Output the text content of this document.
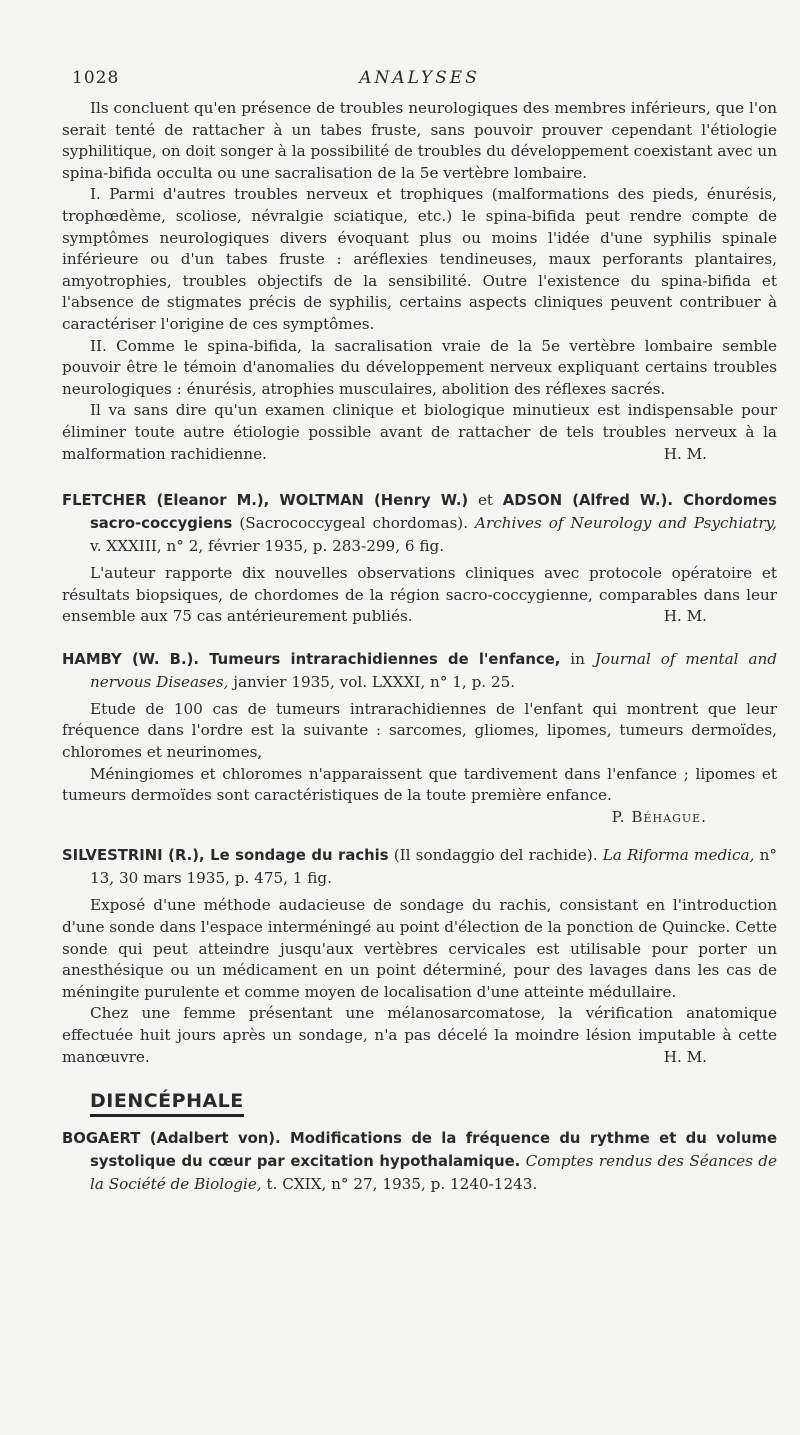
1028	ANALYSES

Ils concluent qu'en présence de troubles neurologiques des membres inférieurs, que l'on serait tenté de rattacher à un tabes fruste, sans pouvoir prouver cependant l'étiologie syphilitique, on doit songer à la possibilité de troubles du développement coexistant avec un spina-bifida occulta ou une sacralisation de la 5e vertèbre lombaire.

I. Parmi d'autres troubles nerveux et trophiques (malformations des pieds, énurésis, trophœdème, scoliose, névralgie sciatique, etc.) le spina-bifida peut rendre compte de symptômes neurologiques divers évoquant plus ou moins l'idée d'une syphilis spinale inférieure ou d'un tabes fruste : aréflexies tendineuses, maux perforants plantaires, amyotrophies, troubles objectifs de la sensibilité. Outre l'existence du spina-bifida et l'absence de stigmates précis de syphilis, certains aspects cliniques peuvent contribuer à caractériser l'origine de ces symptômes.

II. Comme le spina-bifida, la sacralisation vraie de la 5e vertèbre lombaire semble pouvoir être le témoin d'anomalies du développement nerveux expliquant certains troubles neurologiques : énurésis, atrophies musculaires, abolition des réflexes sacrés.

Il va sans dire qu'un examen clinique et biologique minutieux est indispensable pour éliminer toute autre étiologie possible avant de rattacher de tels troubles nerveux à la malformation rachidienne.	H. M.

FLETCHER (Eleanor M.), WOLTMAN (Henry W.) et ADSON (Alfred W.). Chordomes sacro-coccygiens (Sacrococcygeal chordomas). Archives of Neurology and Psychiatry, v. XXXIII, n° 2, février 1935, p. 283-299, 6 fig.

L'auteur rapporte dix nouvelles observations cliniques avec protocole opératoire et résultats biopsiques, de chordomes de la région sacro-coccygienne, comparables dans leur ensemble aux 75 cas antérieurement publiés.	H. M.

HAMBY (W. B.). Tumeurs intrarachidiennes de l'enfance, in Journal of mental and nervous Diseases, janvier 1935, vol. LXXXI, n° 1, p. 25.

Etude de 100 cas de tumeurs intrarachidiennes de l'enfant qui montrent que leur fréquence dans l'ordre est la suivante : sarcomes, gliomes, lipomes, tumeurs dermoïdes, chloromes et neurinomes,

Méningiomes et chloromes n'apparaissent que tardivement dans l'enfance ; lipomes et tumeurs dermoïdes sont caractéristiques de la toute première enfance.

P. Béhague.

SILVESTRINI (R.), Le sondage du rachis (Il sondaggio del rachide). La Riforma medica, n° 13, 30 mars 1935, p. 475, 1 fig.

Exposé d'une méthode audacieuse de sondage du rachis, consistant en l'introduction d'une sonde dans l'espace interméningé au point d'élection de la ponction de Quincke. Cette sonde qui peut atteindre jusqu'aux vertèbres cervicales est utilisable pour porter un anesthésique ou un médicament en un point déterminé, pour des lavages dans les cas de méningite purulente et comme moyen de localisation d'une atteinte médullaire.

Chez une femme présentant une mélanosarcomatose, la vérification anatomique effectuée huit jours après un sondage, n'a pas décelé la moindre lésion imputable à cette manœuvre.	H. M.

DIENCÉPHALE

BOGAERT (Adalbert von). Modifications de la fréquence du rythme et du volume systolique du cœur par excitation hypothalamique. Comptes rendus des Séances de la Société de Biologie, t. CXIX, n° 27, 1935, p. 1240-1243.
